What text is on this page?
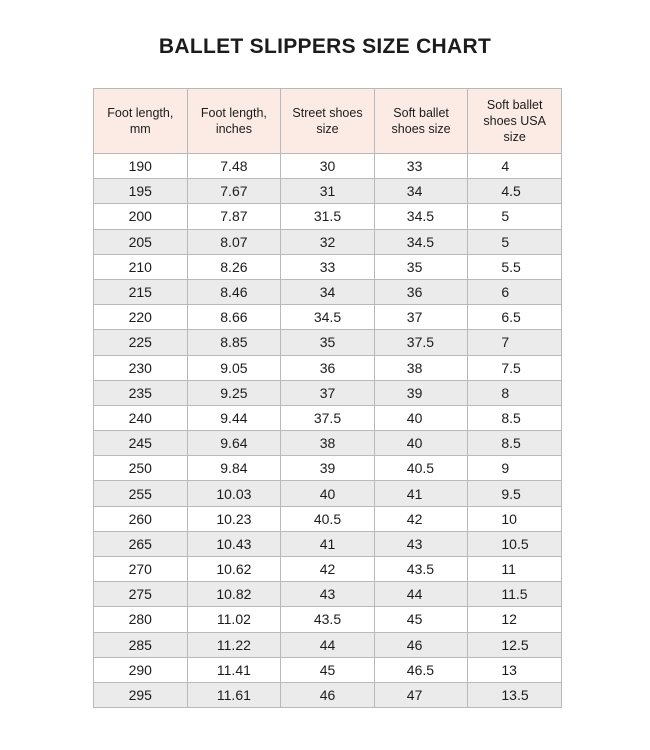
BALLET SLIPPERS SIZE CHART
Foot length, mm	Foot length, inches	Street shoes size	Soft ballet shoes size	Soft ballet shoes USA size
190	7.48	30	33	4
195	7.67	31	34	4.5
200	7.87	31.5	34.5	5
205	8.07	32	34.5	5
210	8.26	33	35	5.5
215	8.46	34	36	6
220	8.66	34.5	37	6.5
225	8.85	35	37.5	7
230	9.05	36	38	7.5
235	9.25	37	39	8
240	9.44	37.5	40	8.5
245	9.64	38	40	8.5
250	9.84	39	40.5	9
255	10.03	40	41	9.5
260	10.23	40.5	42	10
265	10.43	41	43	10.5
270	10.62	42	43.5	11
275	10.82	43	44	11.5
280	11.02	43.5	45	12
285	11.22	44	46	12.5
290	11.41	45	46.5	13
295	11.61	46	47	13.5
